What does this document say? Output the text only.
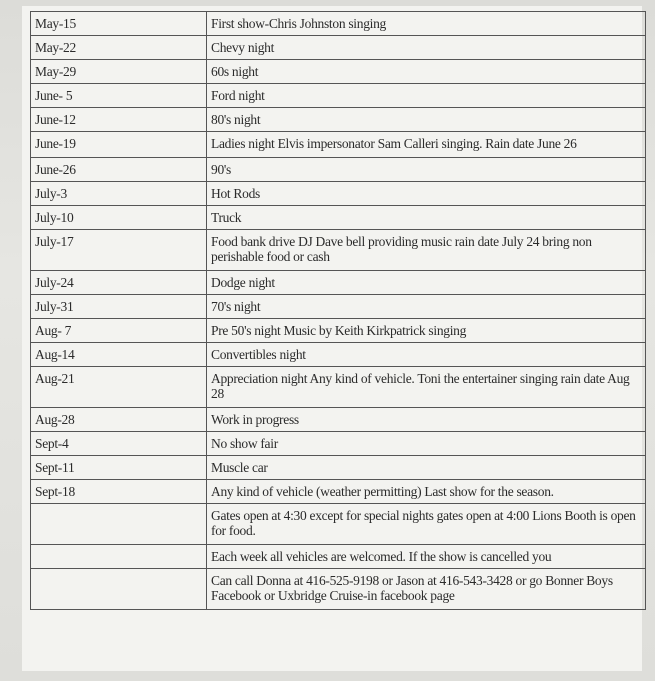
May-15	First show-Chris Johnston singing
May-22	Chevy night
May-29	60s night
June- 5	Ford night
June-12	80's night
June-19	Ladies night Elvis impersonator Sam Calleri singing. Rain date June 26
June-26	90's
July-3	Hot Rods
July-10	Truck
July-17	Food bank drive DJ Dave bell providing music rain date July 24 bring non perishable food or cash
July-24	Dodge night
July-31	70's night
Aug- 7	Pre 50's night Music by Keith Kirkpatrick singing
Aug-14	Convertibles night
Aug-21	Appreciation night Any kind of vehicle. Toni the entertainer singing rain date Aug 28
Aug-28	Work in progress
Sept-4	No show fair
Sept-11	Muscle car
Sept-18	Any kind of vehicle (weather permitting) Last show for the season.
	Gates open at 4:30 except for special nights gates open at 4:00 Lions Booth is open for food.
	Each week all vehicles are welcomed. If the show is cancelled you
	Can call Donna at 416-525-9198 or Jason at 416-543-3428 or go Bonner Boys Facebook or Uxbridge Cruise-in facebook page
